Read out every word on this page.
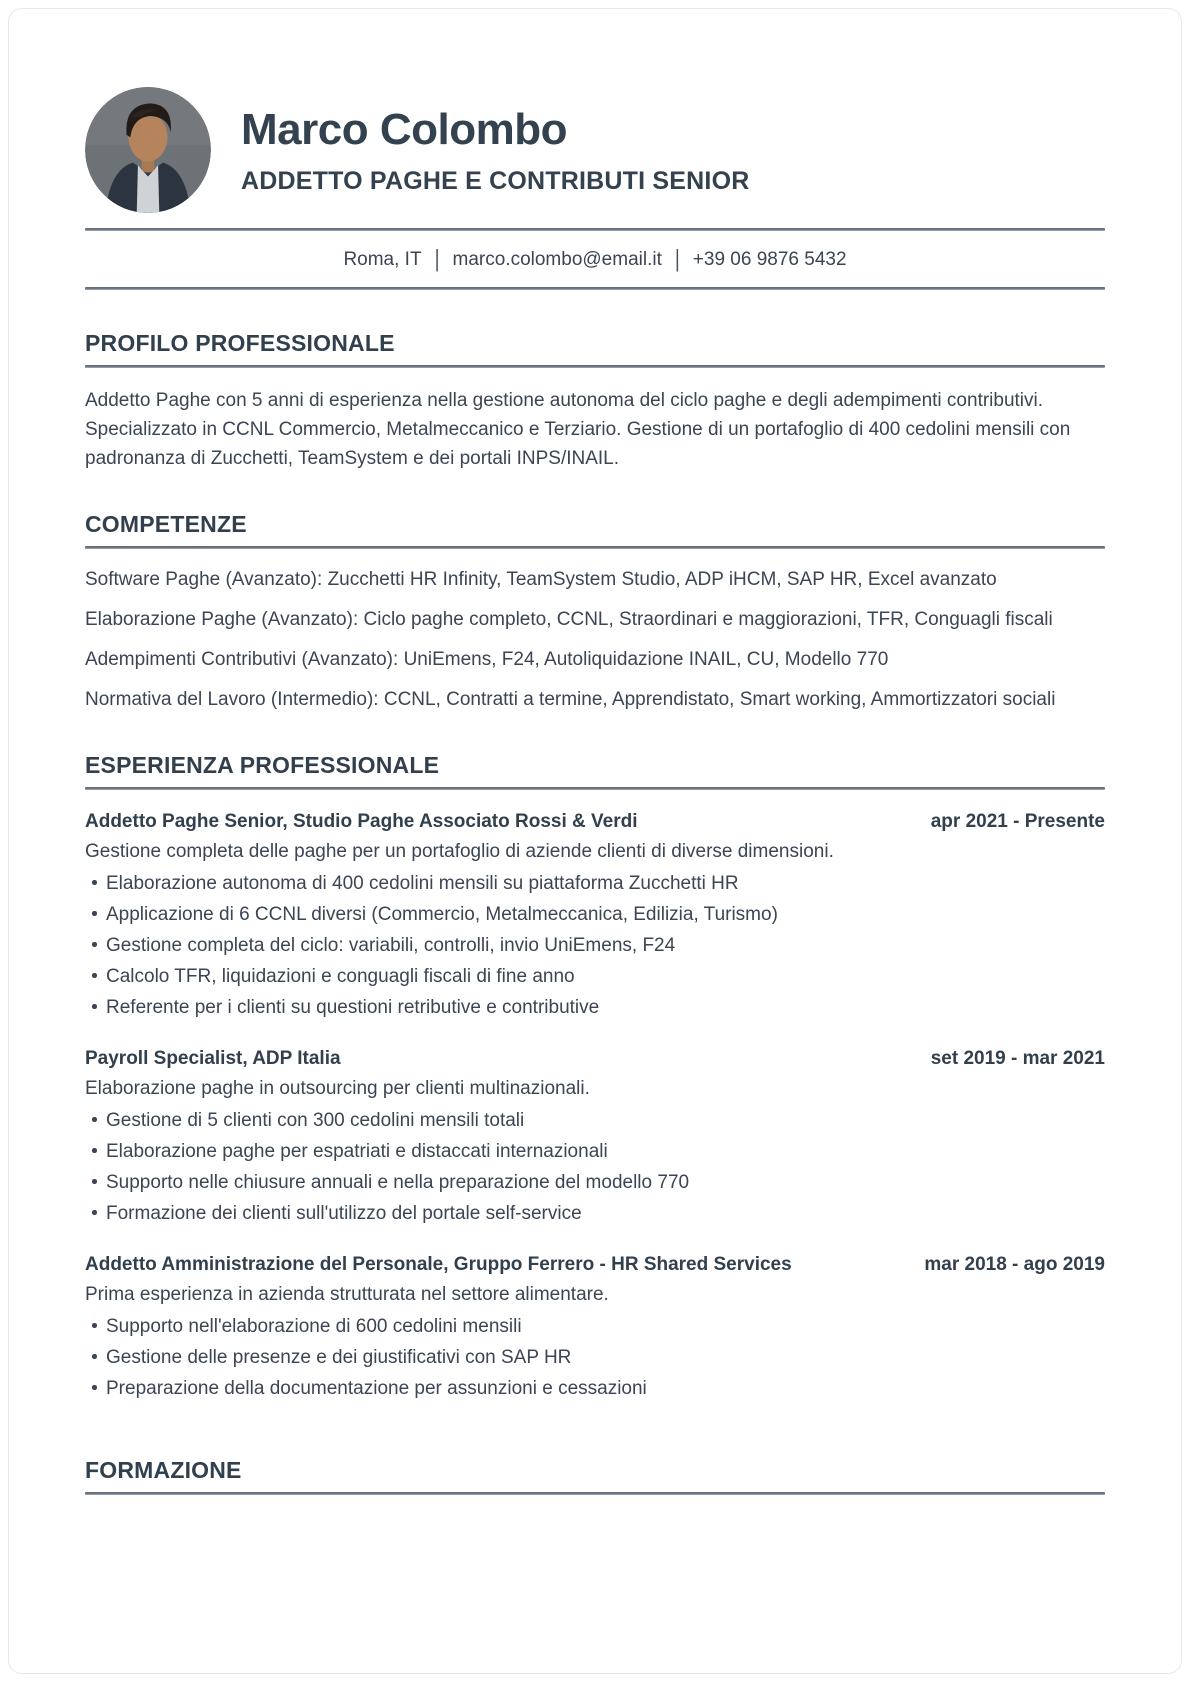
Marco Colombo
ADDETTO PAGHE E CONTRIBUTI SENIOR
Roma, IT | marco.colombo@email.it | +39 06 9876 5432
PROFILO PROFESSIONALE

Addetto Paghe con 5 anni di esperienza nella gestione autonoma del ciclo paghe e degli adempimenti contributivi. Specializzato in CCNL Commercio, Metalmeccanico e Terziario. Gestione di un portafoglio di 400 cedolini mensili con padronanza di Zucchetti, TeamSystem e dei portali INPS/INAIL.

COMPETENZE

Software Paghe (Avanzato): Zucchetti HR Infinity, TeamSystem Studio, ADP iHCM, SAP HR, Excel avanzato

Elaborazione Paghe (Avanzato): Ciclo paghe completo, CCNL, Straordinari e maggiorazioni, TFR, Conguagli fiscali

Adempimenti Contributivi (Avanzato): UniEmens, F24, Autoliquidazione INAIL, CU, Modello 770

Normativa del Lavoro (Intermedio): CCNL, Contratti a termine, Apprendistato, Smart working, Ammortizzatori sociali

ESPERIENZA PROFESSIONALE
Addetto Paghe Senior, Studio Paghe Associato Rossi & Verdi	apr 2021 - Presente

Gestione completa delle paghe per un portafoglio di aziende clienti di diverse dimensioni.

Elaborazione autonoma di 400 cedolini mensili su piattaforma Zucchetti HR
Applicazione di 6 CCNL diversi (Commercio, Metalmeccanica, Edilizia, Turismo)
Gestione completa del ciclo: variabili, controlli, invio UniEmens, F24
Calcolo TFR, liquidazioni e conguagli fiscali di fine anno
Referente per i clienti su questioni retributive e contributive
Payroll Specialist, ADP Italia	set 2019 - mar 2021

Elaborazione paghe in outsourcing per clienti multinazionali.

Gestione di 5 clienti con 300 cedolini mensili totali
Elaborazione paghe per espatriati e distaccati internazionali
Supporto nelle chiusure annuali e nella preparazione del modello 770
Formazione dei clienti sull'utilizzo del portale self-service
Addetto Amministrazione del Personale, Gruppo Ferrero - HR Shared Services	mar 2018 - ago 2019

Prima esperienza in azienda strutturata nel settore alimentare.

Supporto nell'elaborazione di 600 cedolini mensili
Gestione delle presenze e dei giustificativi con SAP HR
Preparazione della documentazione per assunzioni e cessazioni
FORMAZIONE
